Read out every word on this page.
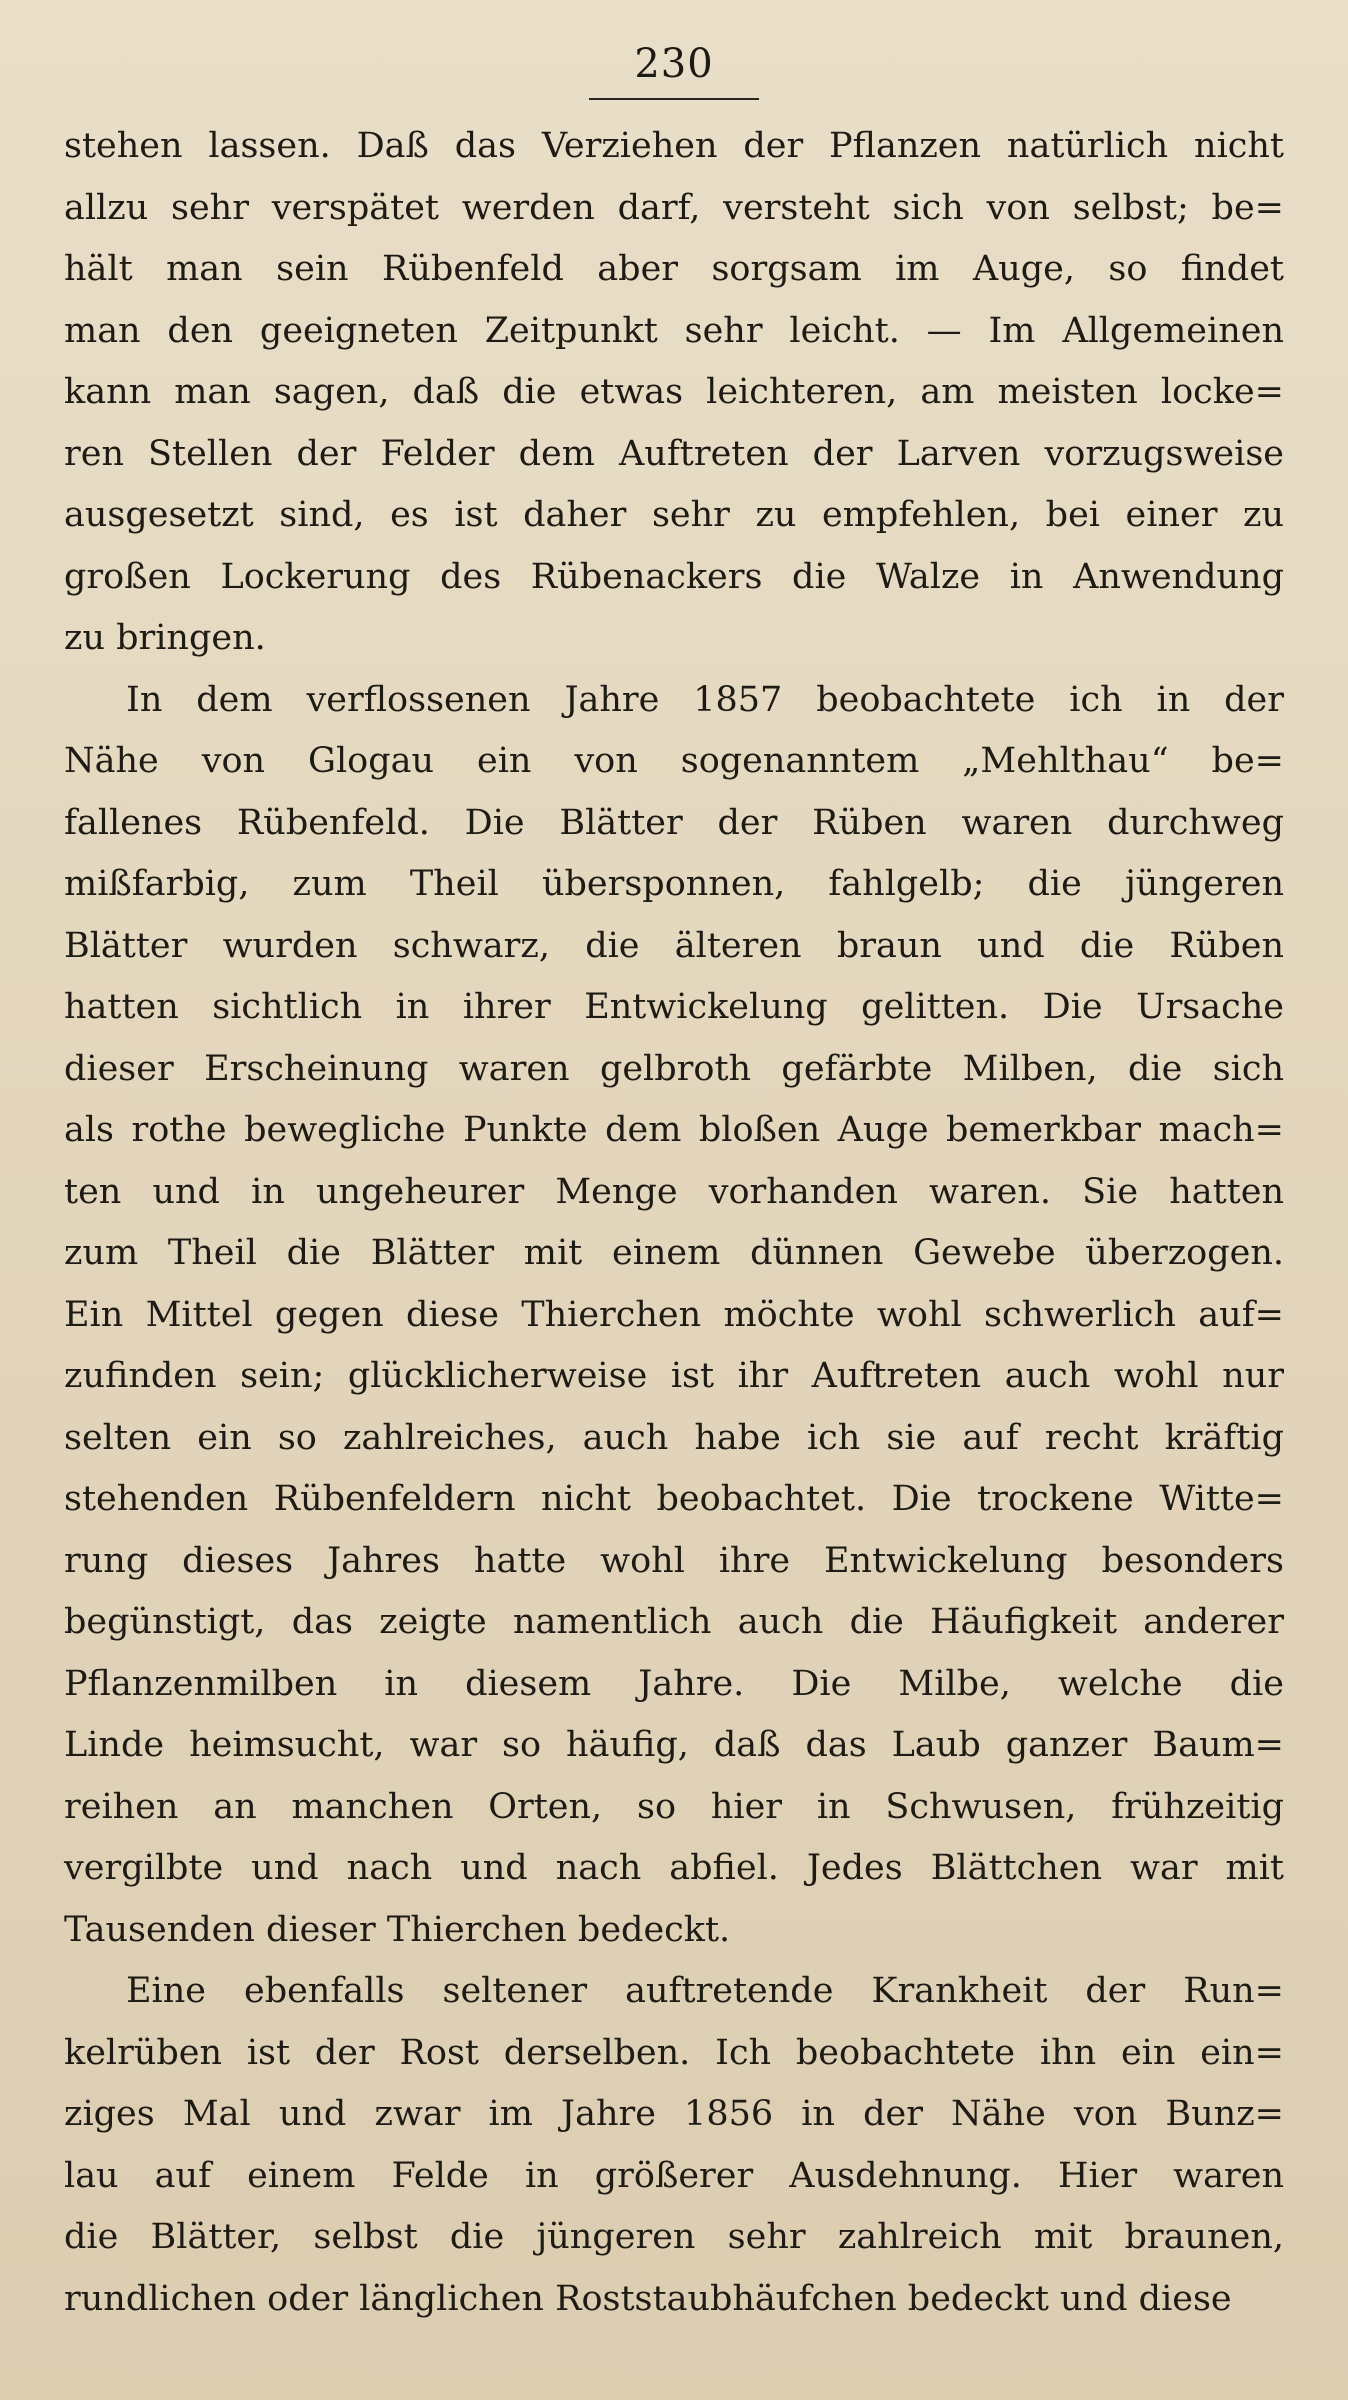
230
stehen lassen. Daß das Verziehen der Pflanzen natürlich nicht
allzu sehr verspätet werden darf, versteht sich von selbst; be=
hält man sein Rübenfeld aber sorgsam im Auge, so findet
man den geeigneten Zeitpunkt sehr leicht. — Im Allgemeinen
kann man sagen, daß die etwas leichteren, am meisten locke=
ren Stellen der Felder dem Auftreten der Larven vorzugsweise
ausgesetzt sind, es ist daher sehr zu empfehlen, bei einer zu
großen Lockerung des Rübenackers die Walze in Anwendung
zu bringen.
In dem verflossenen Jahre 1857 beobachtete ich in der
Nähe von Glogau ein von sogenanntem „Mehlthau“ be=
fallenes Rübenfeld. Die Blätter der Rüben waren durchweg
mißfarbig, zum Theil übersponnen, fahlgelb; die jüngeren
Blätter wurden schwarz, die älteren braun und die Rüben
hatten sichtlich in ihrer Entwickelung gelitten. Die Ursache
dieser Erscheinung waren gelbroth gefärbte Milben, die sich
als rothe bewegliche Punkte dem bloßen Auge bemerkbar mach=
ten und in ungeheurer Menge vorhanden waren. Sie hatten
zum Theil die Blätter mit einem dünnen Gewebe überzogen.
Ein Mittel gegen diese Thierchen möchte wohl schwerlich auf=
zufinden sein; glücklicherweise ist ihr Auftreten auch wohl nur
selten ein so zahlreiches, auch habe ich sie auf recht kräftig
stehenden Rübenfeldern nicht beobachtet. Die trockene Witte=
rung dieses Jahres hatte wohl ihre Entwickelung besonders
begünstigt, das zeigte namentlich auch die Häufigkeit anderer
Pflanzenmilben in diesem Jahre. Die Milbe, welche die
Linde heimsucht, war so häufig, daß das Laub ganzer Baum=
reihen an manchen Orten, so hier in Schwusen, frühzeitig
vergilbte und nach und nach abfiel. Jedes Blättchen war mit
Tausenden dieser Thierchen bedeckt.
Eine ebenfalls seltener auftretende Krankheit der Run=
kelrüben ist der Rost derselben. Ich beobachtete ihn ein ein=
ziges Mal und zwar im Jahre 1856 in der Nähe von Bunz=
lau auf einem Felde in größerer Ausdehnung. Hier waren
die Blätter, selbst die jüngeren sehr zahlreich mit braunen,
rundlichen oder länglichen Roststaubhäufchen bedeckt und diese
